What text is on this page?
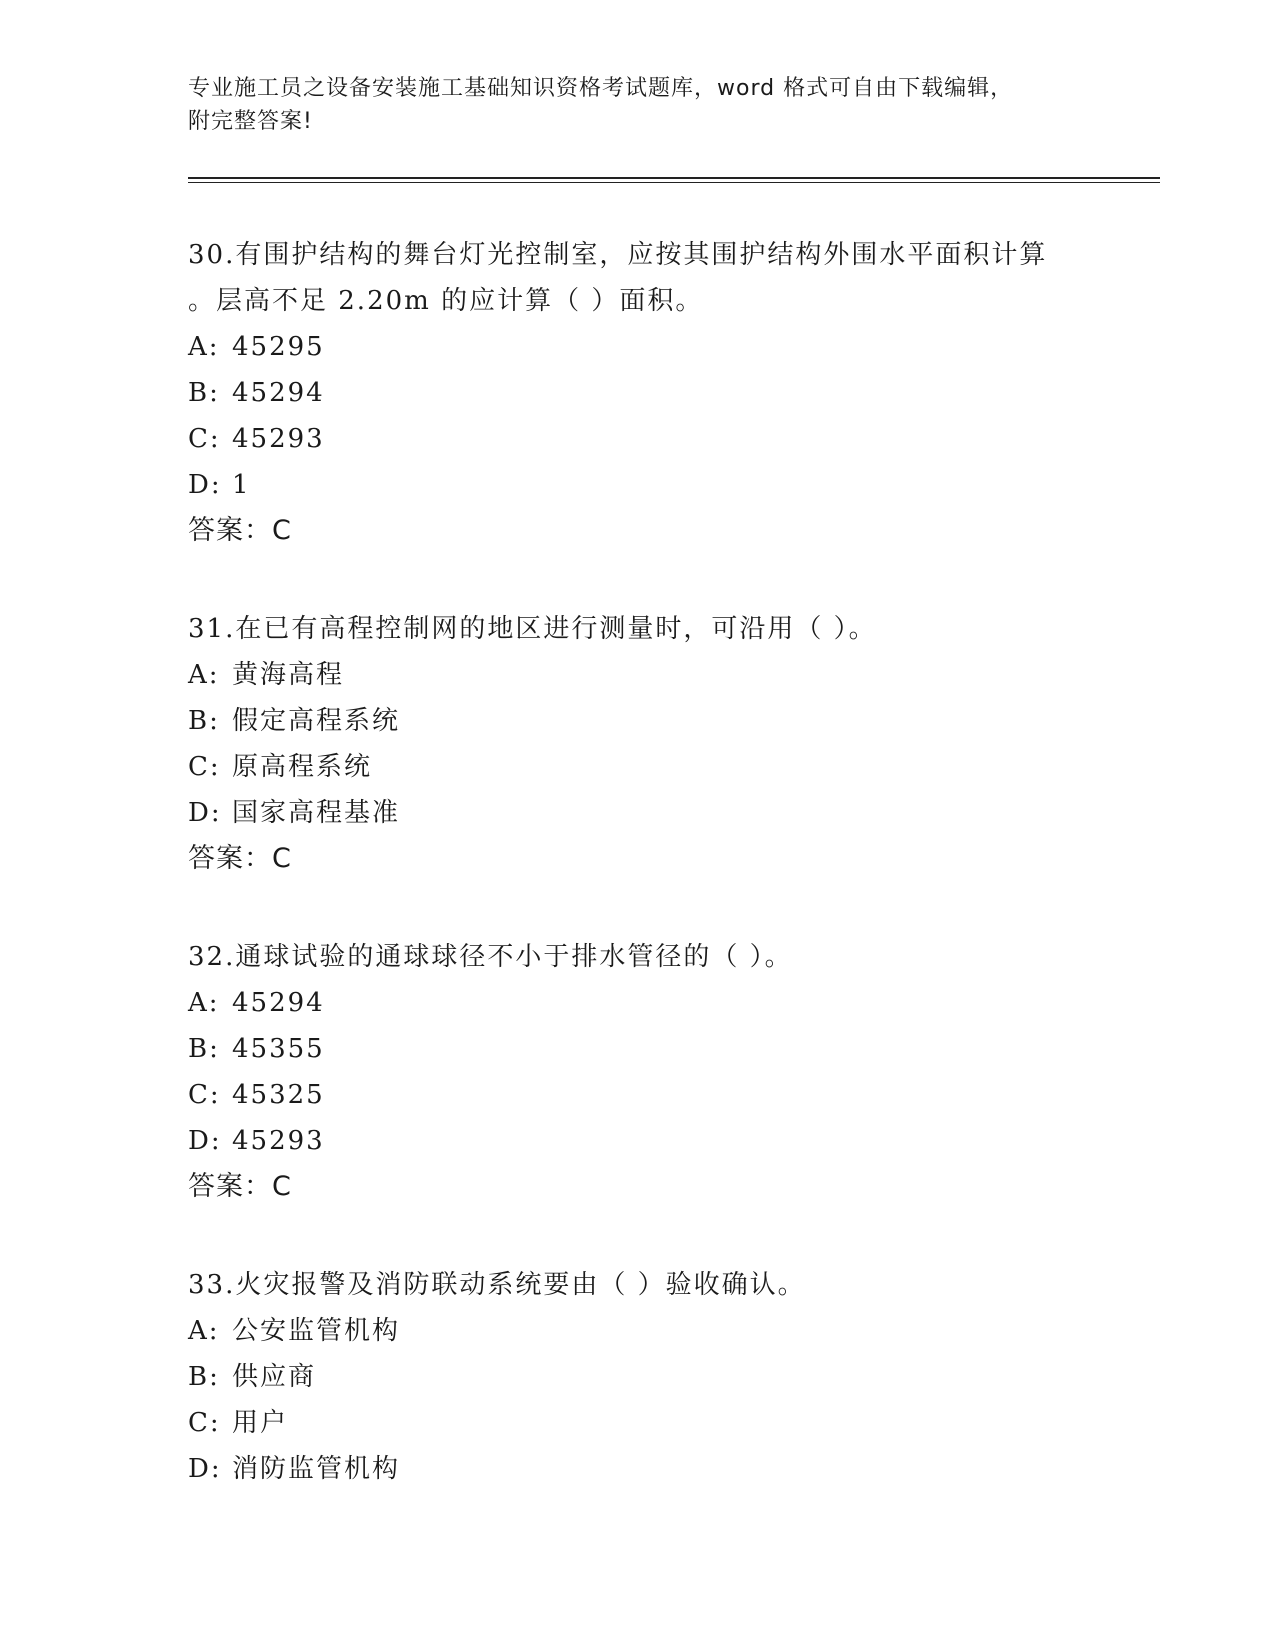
专业施工员之设备安装施工基础知识资格考试题库，word 格式可自由下载编辑，
附完整答案!
30.有围护结构的舞台灯光控制室，应按其围护结构外围水平面积计算
。层高不足 2.20m 的应计算（ ）面积。
A: 45295
B: 45294
C: 45293
D: 1
答案：C
31.在已有高程控制网的地区进行测量时，可沿用（ ）。
A: 黄海高程
B: 假定高程系统
C: 原高程系统
D: 国家高程基准
答案：C
32.通球试验的通球球径不小于排水管径的（ ）。
A: 45294
B: 45355
C: 45325
D: 45293
答案：C
33.火灾报警及消防联动系统要由（ ）验收确认。
A: 公安监管机构
B: 供应商
C: 用户
D: 消防监管机构
